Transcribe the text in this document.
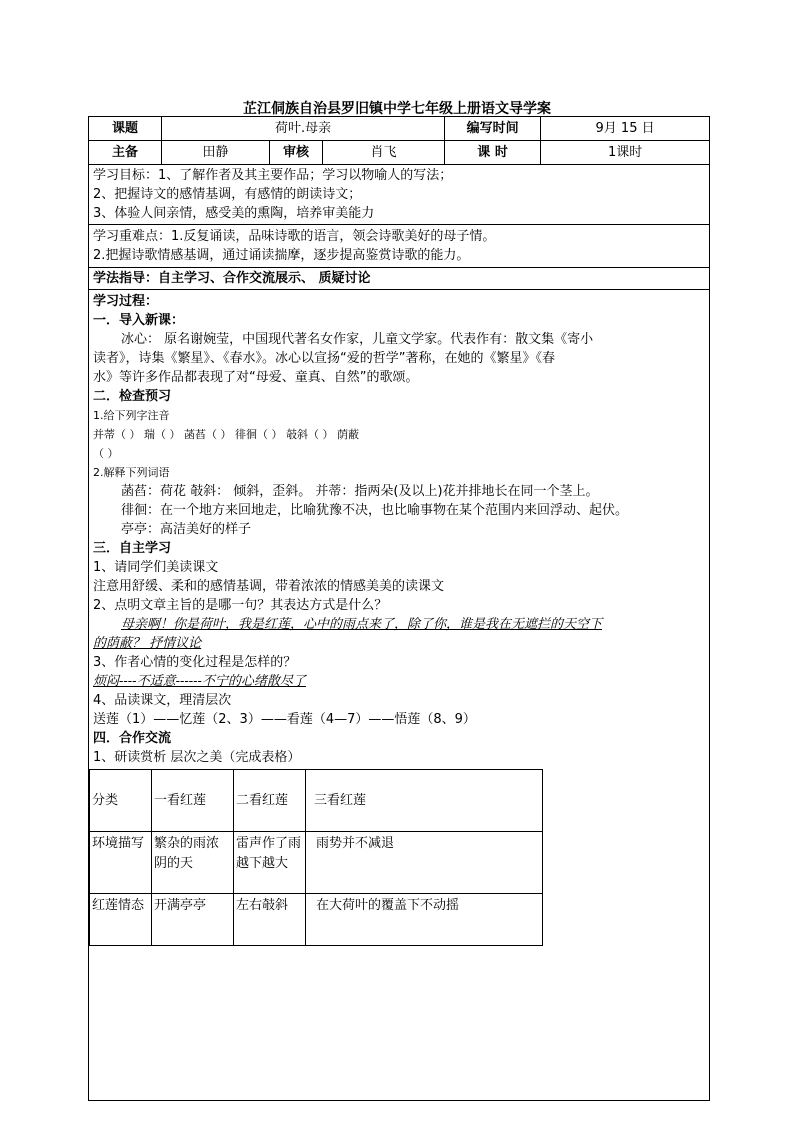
芷江侗族自治县罗旧镇中学七年级上册语文导学案
课题	荷叶.母亲	编写时间	9月 15 日
主备	田静	审核	肖飞	课 时	1课时

学习目标：1、了解作者及其主要作品；学习以物喻人的写法；
2、把握诗文的感情基调，有感情的朗读诗文；
3、体验人间亲情，感受美的熏陶，培养审美能力

学习重难点：1.反复诵读，品味诗歌的语言，领会诗歌美好的母子情。
2.把握诗歌情感基调，通过诵读揣摩，逐步提高鉴赏诗歌的能力。

学法指导：自主学习、合作交流展示、 质疑讨论

学习过程：
一．导入新课：
冰心： 原名谢婉莹，中国现代著名女作家，儿童文学家。代表作有：散文集《寄小
读者》，诗集《繁星》、《春水》。冰心以宣扬“爱的哲学”著称，在她的《繁星》《春
水》等许多作品都表现了对“母爱、童真、自然”的歌颂。
二．检查预习
1.给下列字注音
并蒂（ ） 瑞（ ） 菡萏（ ） 徘徊（ ） 攲斜（ ） 荫蔽
（ ）
2.解释下列词语
菡萏：荷花 攲斜： 倾斜，歪斜。 并蒂：指两朵(及以上)花并排地长在同一个茎上。
徘徊：在一个地方来回地走，比喻犹豫不决，也比喻事物在某个范围内来回浮动、起伏。
亭亭：高洁美好的样子
三．自主学习
1、请同学们美读课文
注意用舒缓、柔和的感情基调，带着浓浓的情感美美的读课文
2、点明文章主旨的是哪一句？其表达方式是什么？
母亲啊！你是荷叶，我是红莲，心中的雨点来了，除了你，谁是我在无遮拦的天空下
的荫蔽？ 抒情议论
3、作者心情的变化过程是怎样的？
烦闷----不适意------不宁的心绪散尽了
4、品读课文，理清层次
送莲（1）——忆莲（2、3）——看莲（4—7）——悟莲（8、9）
四．合作交流
1、研读赏析 层次之美（完成表格）
分类	一看红莲	二看红莲	三看红莲
环境描写	繁杂的雨浓阴的天	雷声作了雨越下越大	雨势并不减退
红莲情态	开满亭亭	左右攲斜	在大荷叶的覆盖下不动摇
